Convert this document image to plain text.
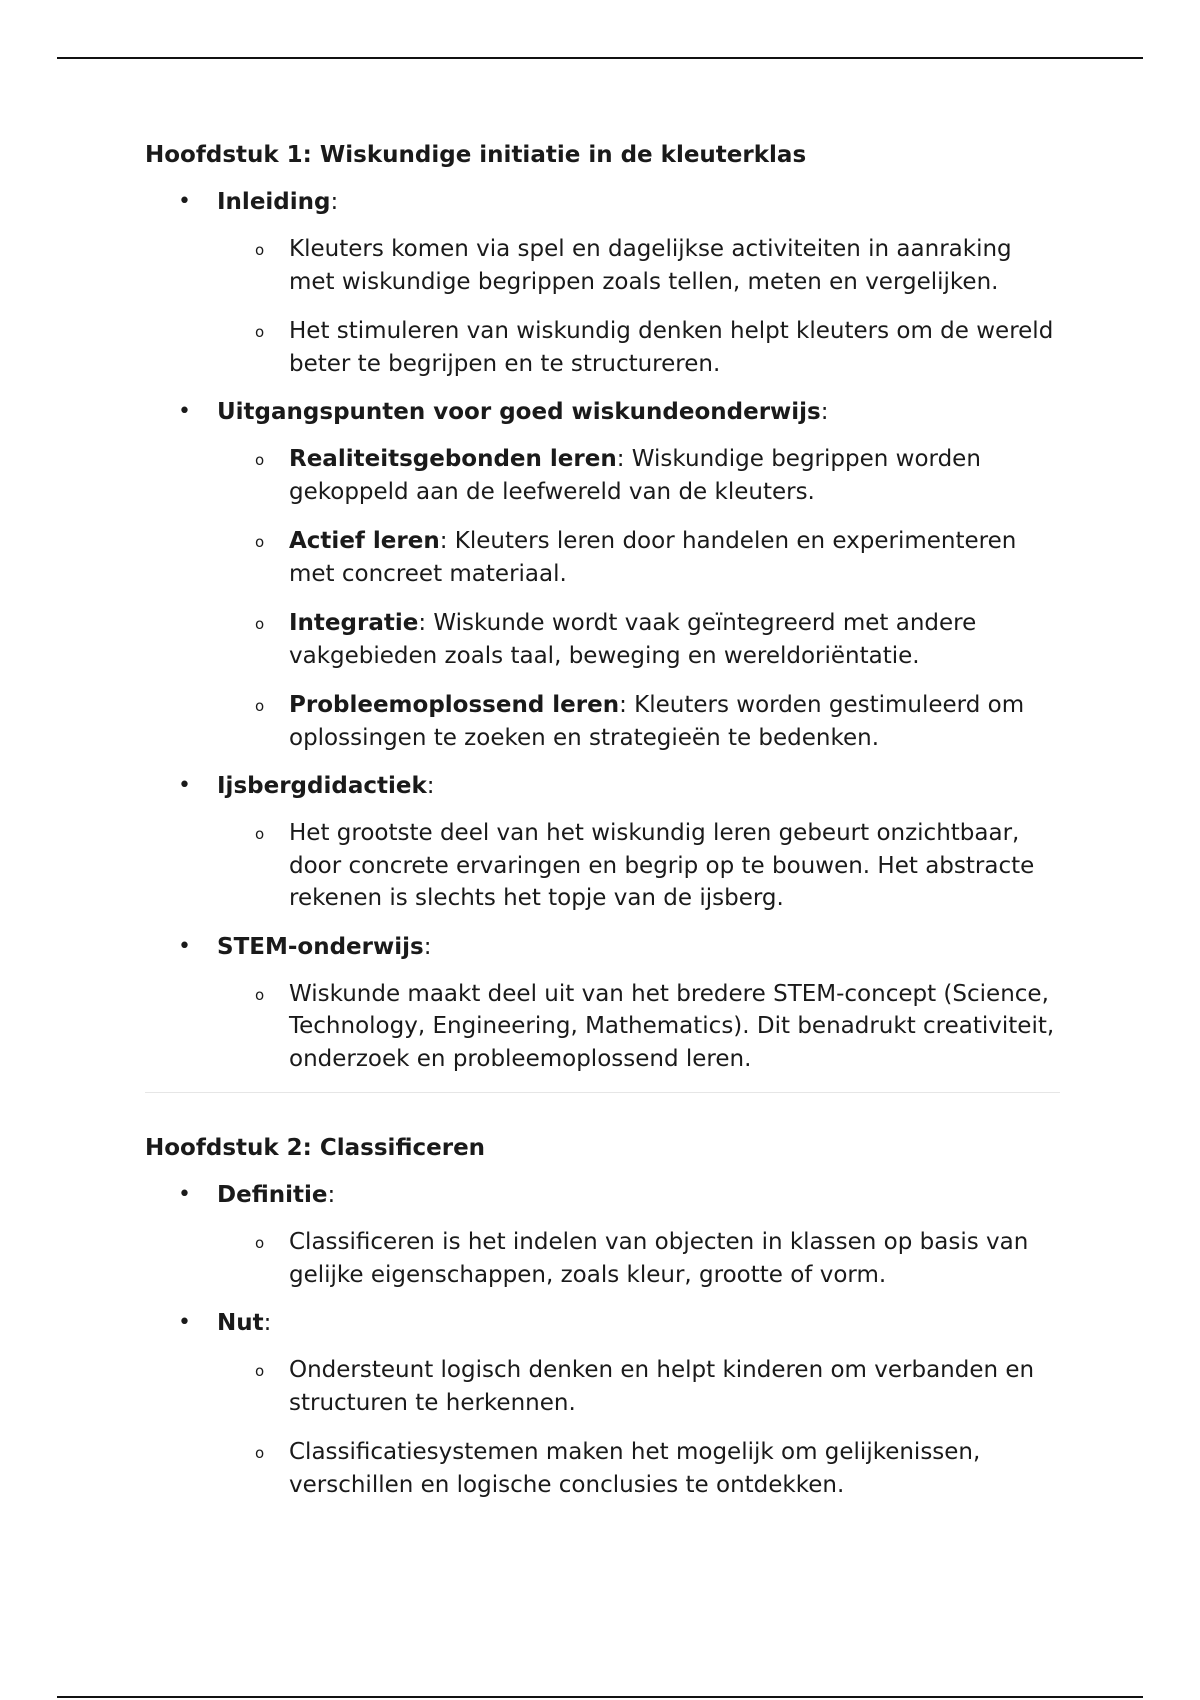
Hoofdstuk 1: Wiskundige initiatie in de kleuterklas
• Inleiding:
o Kleuters komen via spel en dagelijkse activiteiten in aanraking met wiskundige begrippen zoals tellen, meten en vergelijken.
o Het stimuleren van wiskundig denken helpt kleuters om de wereld beter te begrijpen en te structureren.
• Uitgangspunten voor goed wiskundeonderwijs:
o Realiteitsgebonden leren: Wiskundige begrippen worden gekoppeld aan de leefwereld van de kleuters.
o Actief leren: Kleuters leren door handelen en experimenteren met concreet materiaal.
o Integratie: Wiskunde wordt vaak geïntegreerd met andere vakgebieden zoals taal, beweging en wereldoriëntatie.
o Probleemoplossend leren: Kleuters worden gestimuleerd om oplossingen te zoeken en strategieën te bedenken.
• Ijsbergdidactiek:
o Het grootste deel van het wiskundig leren gebeurt onzichtbaar, door concrete ervaringen en begrip op te bouwen. Het abstracte rekenen is slechts het topje van de ijsberg.
• STEM-onderwijs:
o Wiskunde maakt deel uit van het bredere STEM-concept (Science, Technology, Engineering, Mathematics). Dit benadrukt creativiteit, onderzoek en probleemoplossend leren.
Hoofdstuk 2: Classificeren
• Definitie:
o Classificeren is het indelen van objecten in klassen op basis van gelijke eigenschappen, zoals kleur, grootte of vorm.
• Nut:
o Ondersteunt logisch denken en helpt kinderen om verbanden en structuren te herkennen.
o Classificatiesystemen maken het mogelijk om gelijkenissen, verschillen en logische conclusies te ontdekken.
